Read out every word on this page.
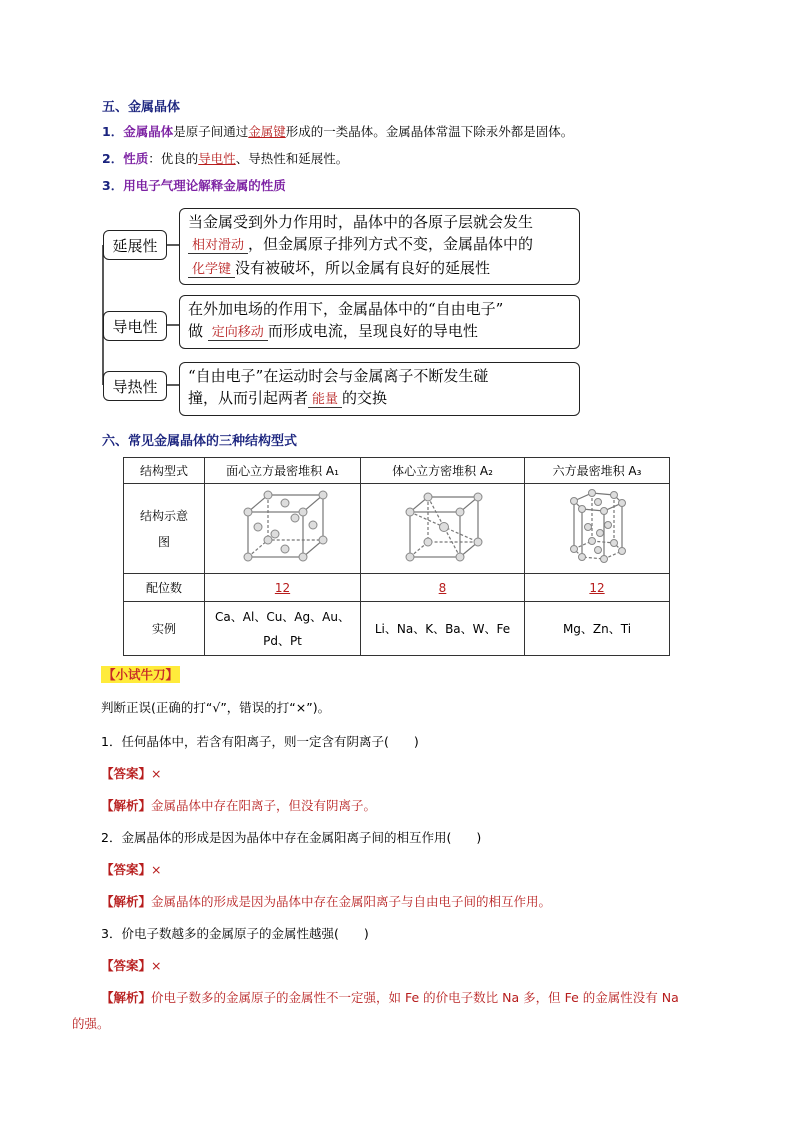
五、金属晶体
1．金属晶体是原子间通过金属键形成的一类晶体。金属晶体常温下除汞外都是固体。
2．性质：优良的导电性、导热性和延展性。
3．用电子气理论解释金属的性质
延展性
导电性
导热性
当金属受到外力作用时，晶体中的各原子层就会发生
相对滑动 ，但金属原子排列方式不变，金属晶体中的
化学键 没有被破坏，所以金属有良好的延展性
在外加电场的作用下，金属晶体中的“自由电子”
做 定向移动 而形成电流，呈现良好的导电性
“自由电子”在运动时会与金属离子不断发生碰
撞，从而引起两者 能量 的交换
六、常见金属晶体的三种结构型式
结构型式	面心立方最密堆积 A₁	体心立方密堆积 A₂	六方最密堆积 A₃

结构示意图

配位数	12	8	12
实例	Ca、Al、Cu、Ag、Au、Pd、Pt	Li、Na、K、Ba、W、Fe	Mg、Zn、Ti
【小试牛刀】
判断正误(正确的打“√”，错误的打“×”)。
1．任何晶体中，若含有阳离子，则一定含有阴离子(　　)
【答案】×
【解析】金属晶体中存在阳离子，但没有阴离子。
2．金属晶体的形成是因为晶体中存在金属阳离子间的相互作用(　　)
【答案】×
【解析】金属晶体的形成是因为晶体中存在金属阳离子与自由电子间的相互作用。
3．价电子数越多的金属原子的金属性越强(　　)
【答案】×
【解析】价电子数多的金属原子的金属性不一定强，如 Fe 的价电子数比 Na 多，但 Fe 的金属性没有 Na
的强。
